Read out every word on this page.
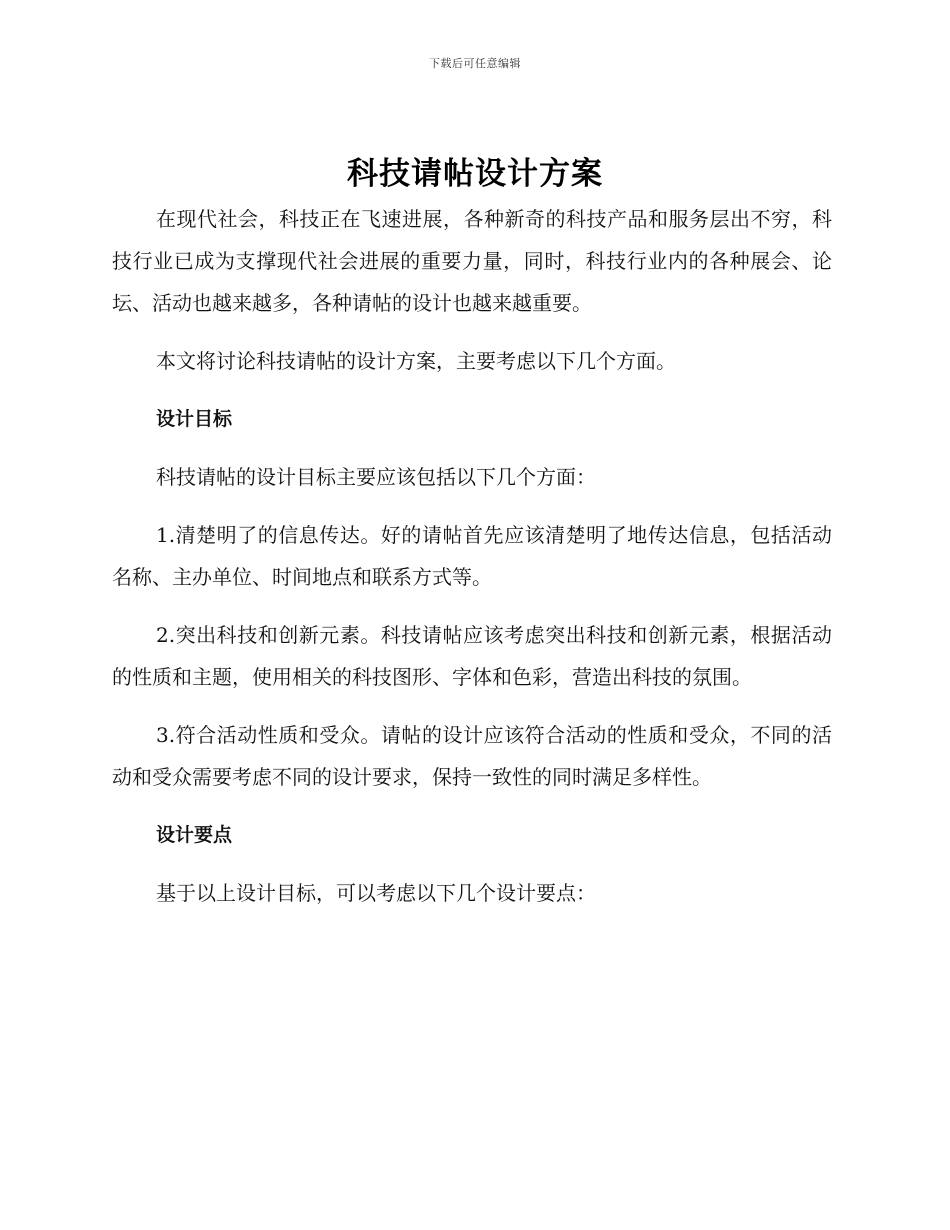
下载后可任意编辑
科技请帖设计方案

在现代社会，科技正在飞速进展，各种新奇的科技产品和服务层出不穷，科技行业已成为支撑现代社会进展的重要力量，同时，科技行业内的各种展会、论坛、活动也越来越多，各种请帖的设计也越来越重要。

本文将讨论科技请帖的设计方案，主要考虑以下几个方面。

设计目标

科技请帖的设计目标主要应该包括以下几个方面：

1.清楚明了的信息传达。好的请帖首先应该清楚明了地传达信息，包括活动名称、主办单位、时间地点和联系方式等。

2.突出科技和创新元素。科技请帖应该考虑突出科技和创新元素，根据活动的性质和主题，使用相关的科技图形、字体和色彩，营造出科技的氛围。

3.符合活动性质和受众。请帖的设计应该符合活动的性质和受众，不同的活动和受众需要考虑不同的设计要求，保持一致性的同时满足多样性。

设计要点

基于以上设计目标，可以考虑以下几个设计要点：
